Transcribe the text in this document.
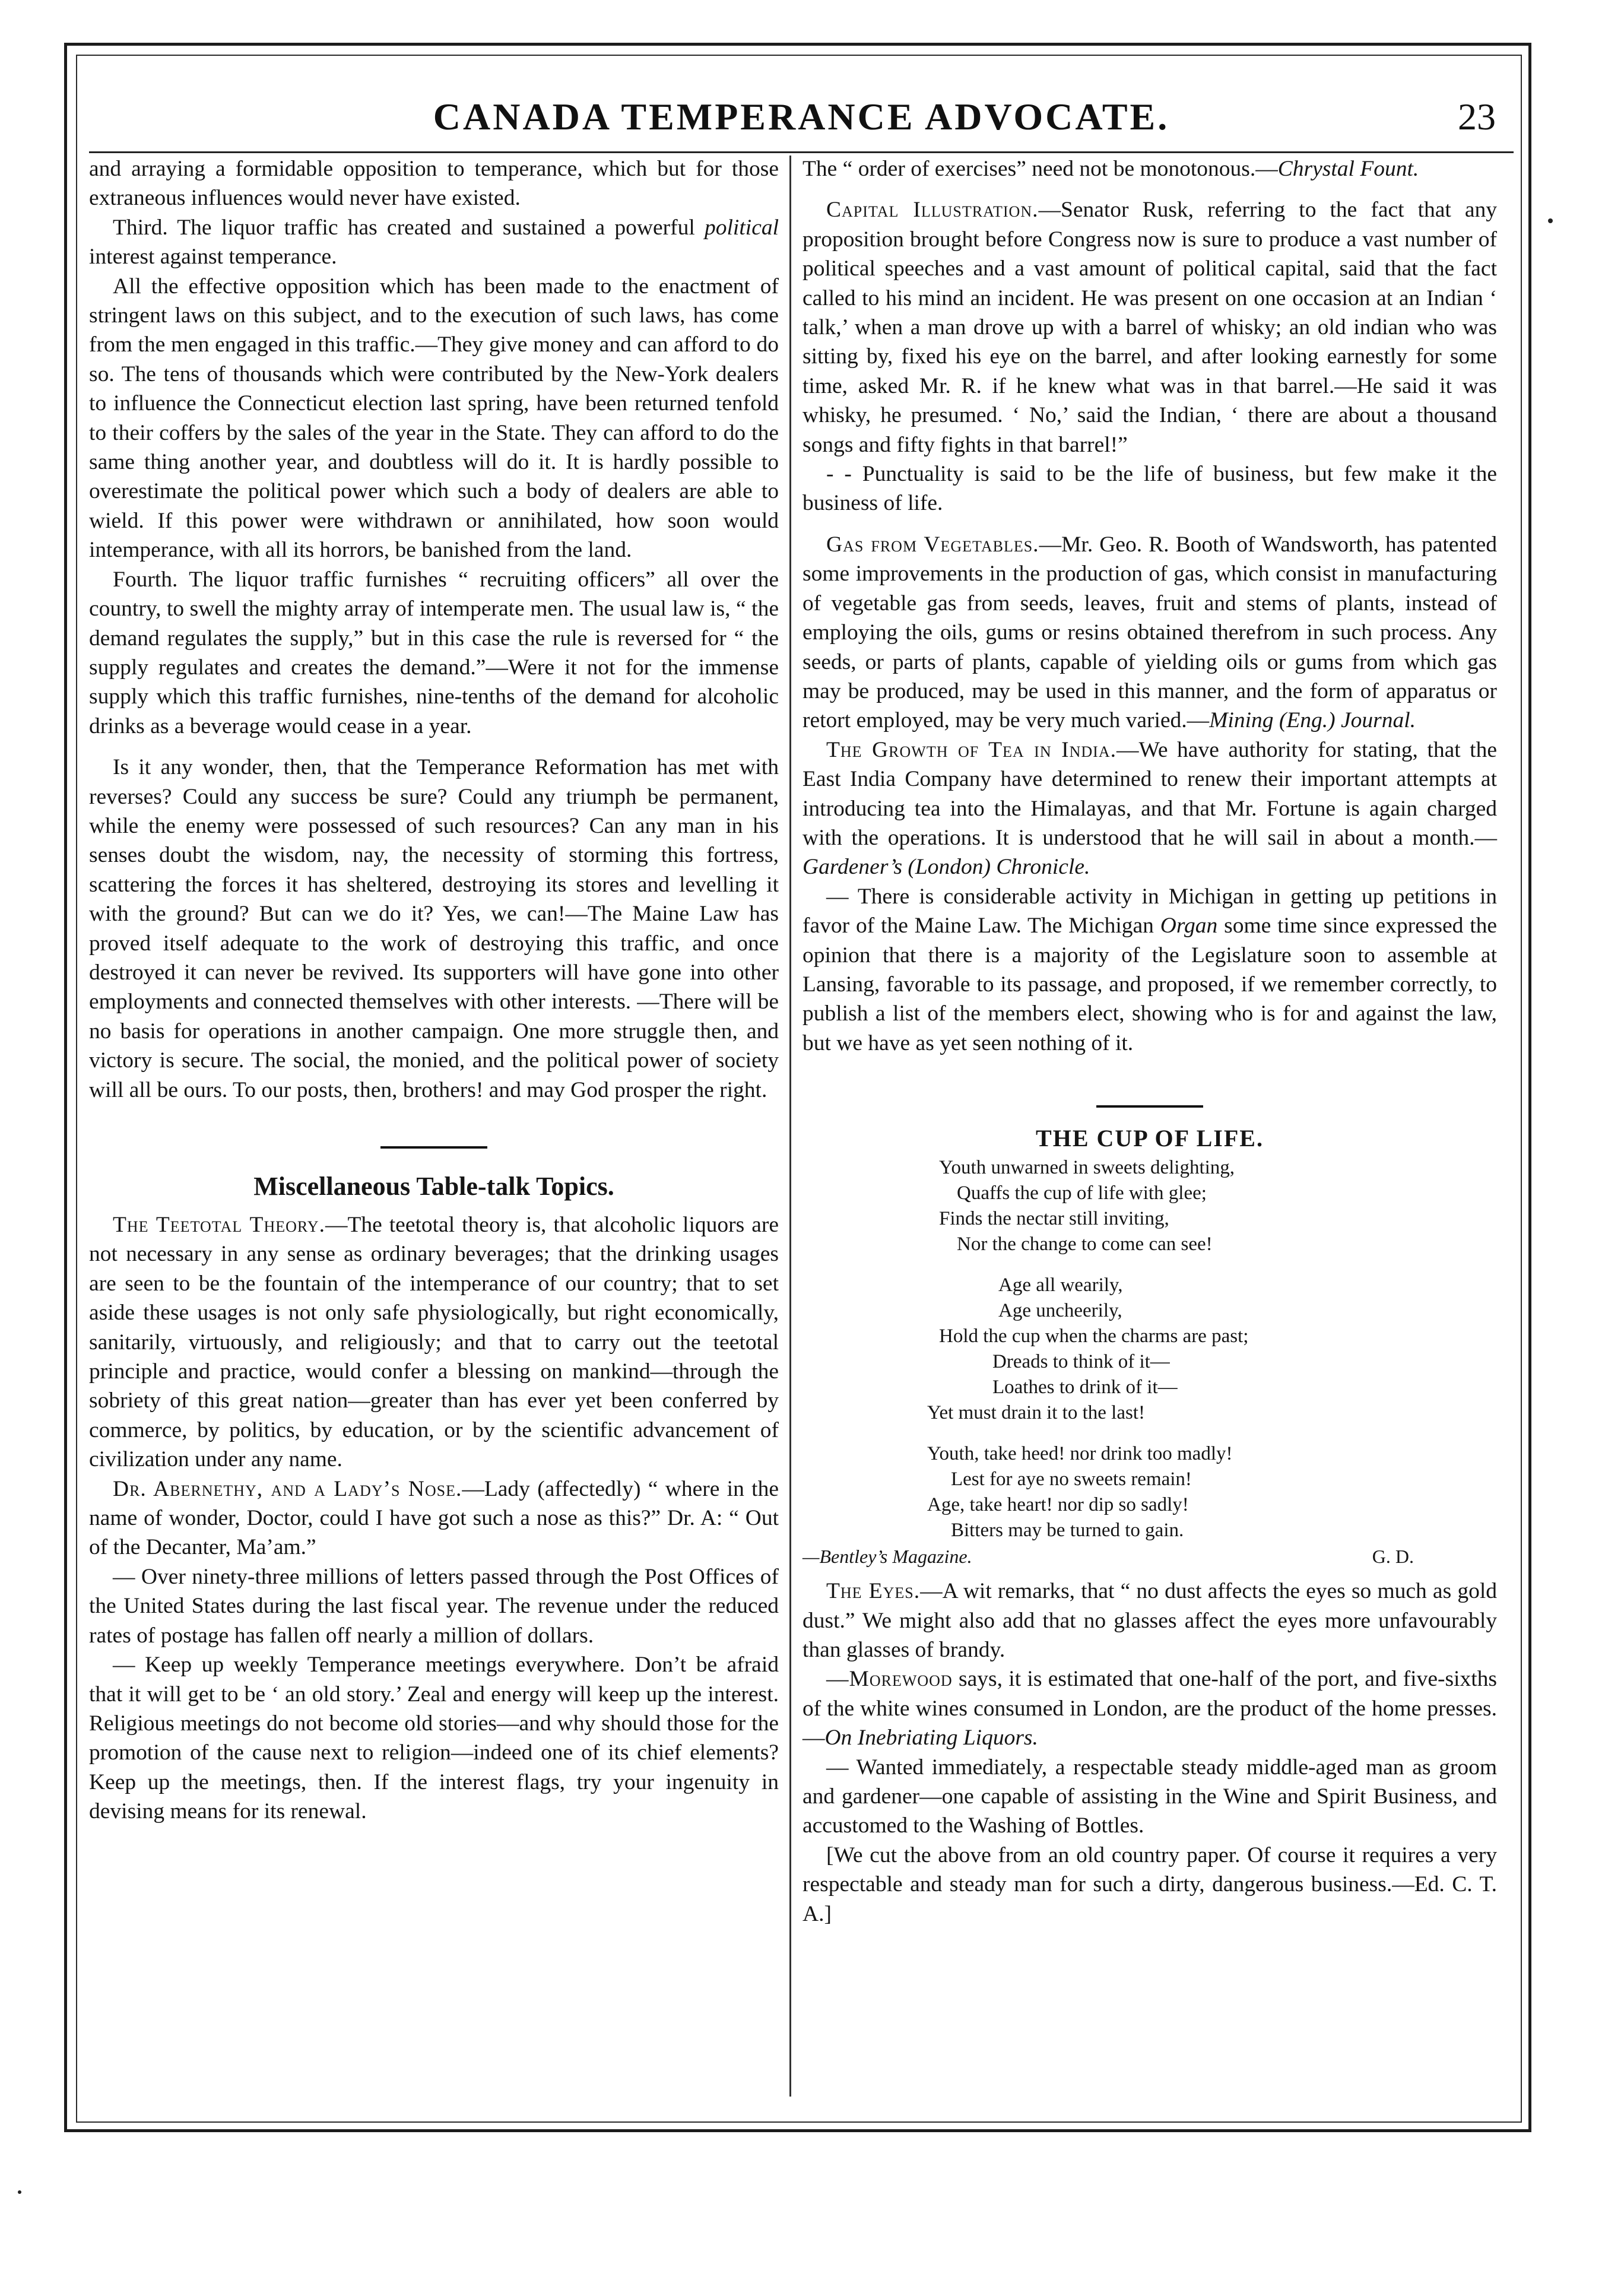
CANADA TEMPERANCE ADVOCATE.	23

and arraying a formidable opposition to temperance, which but for those extraneous influences would never have existed.

Third. The liquor traffic has created and sustained a powerful political interest against temperance.

All the effective opposition which has been made to the enactment of stringent laws on this subject, and to the execution of such laws, has come from the men engaged in this traffic.—They give money and can afford to do so. The tens of thousands which were contributed by the New-York dealers to influence the Connecticut election last spring, have been returned tenfold to their coffers by the sales of the year in the State. They can afford to do the same thing another year, and doubtless will do it. It is hardly possible to overestimate the political power which such a body of dealers are able to wield. If this power were withdrawn or annihilated, how soon would intemperance, with all its horrors, be banished from the land.

Fourth. The liquor traffic furnishes “ recruiting officers” all over the country, to swell the mighty array of intemperate men. The usual law is, “ the demand regulates the supply,” but in this case the rule is reversed for “ the supply regulates and creates the demand.”—Were it not for the immense supply which this traffic furnishes, nine-tenths of the demand for alcoholic drinks as a beverage would cease in a year.

Is it any wonder, then, that the Temperance Reformation has met with reverses? Could any success be sure? Could any triumph be permanent, while the enemy were possessed of such resources? Can any man in his senses doubt the wisdom, nay, the necessity of storming this fortress, scattering the forces it has sheltered, destroying its stores and levelling it with the ground? But can we do it? Yes, we can!—The Maine Law has proved itself adequate to the work of destroying this traffic, and once destroyed it can never be revived. Its supporters will have gone into other employments and connected themselves with other interests. —There will be no basis for operations in another campaign. One more struggle then, and victory is secure. The social, the monied, and the political power of society will all be ours. To our posts, then, brothers! and may God prosper the right.

Miscellaneous Table-talk Topics.

The Teetotal Theory.—The teetotal theory is, that alcoholic liquors are not necessary in any sense as ordinary beverages; that the drinking usages are seen to be the fountain of the intemperance of our country; that to set aside these usages is not only safe physiologically, but right economically, sanitarily, virtuously, and religiously; and that to carry out the teetotal principle and practice, would confer a blessing on mankind—through the sobriety of this great nation—greater than has ever yet been conferred by commerce, by politics, by education, or by the scientific advancement of civilization under any name.

Dr. Abernethy, and a Lady’s Nose.—Lady (affectedly) “ where in the name of wonder, Doctor, could I have got such a nose as this?” Dr. A: “ Out of the Decanter, Ma’am.”

— Over ninety-three millions of letters passed through the Post Offices of the United States during the last fiscal year. The revenue under the reduced rates of postage has fallen off nearly a million of dollars.

— Keep up weekly Temperance meetings everywhere. Don’t be afraid that it will get to be ‘ an old story.’ Zeal and energy will keep up the interest. Religious meetings do not become old stories—and why should those for the promotion of the cause next to religion—indeed one of its chief elements? Keep up the meetings, then. If the interest flags, try your ingenuity in devising means for its renewal.

The “ order of exercises” need not be monotonous.—Chrystal Fount.

Capital Illustration.—Senator Rusk, referring to the fact that any proposition brought before Congress now is sure to produce a vast number of political speeches and a vast amount of political capital, said that the fact called to his mind an incident. He was present on one occasion at an Indian ‘ talk,’ when a man drove up with a barrel of whisky; an old indian who was sitting by, fixed his eye on the barrel, and after looking earnestly for some time, asked Mr. R. if he knew what was in that barrel.—He said it was whisky, he presumed. ‘ No,’ said the Indian, ‘ there are about a thousand songs and fifty fights in that barrel!”

- - Punctuality is said to be the life of business, but few make it the business of life.

Gas from Vegetables.—Mr. Geo. R. Booth of Wandsworth, has patented some improvements in the production of gas, which consist in manufacturing of vegetable gas from seeds, leaves, fruit and stems of plants, instead of employing the oils, gums or resins obtained therefrom in such process. Any seeds, or parts of plants, capable of yielding oils or gums from which gas may be produced, may be used in this manner, and the form of apparatus or retort employed, may be very much varied.—Mining (Eng.) Journal.

The Growth of Tea in India.—We have authority for stating, that the East India Company have determined to renew their important attempts at introducing tea into the Himalayas, and that Mr. Fortune is again charged with the operations. It is understood that he will sail in about a month.—Gardener’s (London) Chronicle.

— There is considerable activity in Michigan in getting up petitions in favor of the Maine Law. The Michigan Organ some time since expressed the opinion that there is a majority of the Legislature soon to assemble at Lansing, favorable to its passage, and proposed, if we remember correctly, to publish a list of the members elect, showing who is for and against the law, but we have as yet seen nothing of it.

THE CUP OF LIFE.
Youth unwarned in sweets delighting,
Quaffs the cup of life with glee;
Finds the nectar still inviting,
Nor the change to come can see!
Age all wearily,
Age uncheerily,
Hold the cup when the charms are past;
Dreads to think of it—
Loathes to drink of it—
Yet must drain it to the last!
Youth, take heed! nor drink too madly!
Lest for aye no sweets remain!
Age, take heart! nor dip so sadly!
Bitters may be turned to gain.
—Bentley’s Magazine.	G. D.

The Eyes.—A wit remarks, that “ no dust affects the eyes so much as gold dust.” We might also add that no glasses affect the eyes more unfavourably than glasses of brandy.

—Morewood says, it is estimated that one-half of the port, and five-sixths of the white wines consumed in London, are the product of the home presses.—On Inebriating Liquors.

— Wanted immediately, a respectable steady middle-aged man as groom and gardener—one capable of assisting in the Wine and Spirit Business, and accustomed to the Washing of Bottles.

[We cut the above from an old country paper. Of course it requires a very respectable and steady man for such a dirty, dangerous business.—Ed. C. T. A.]
